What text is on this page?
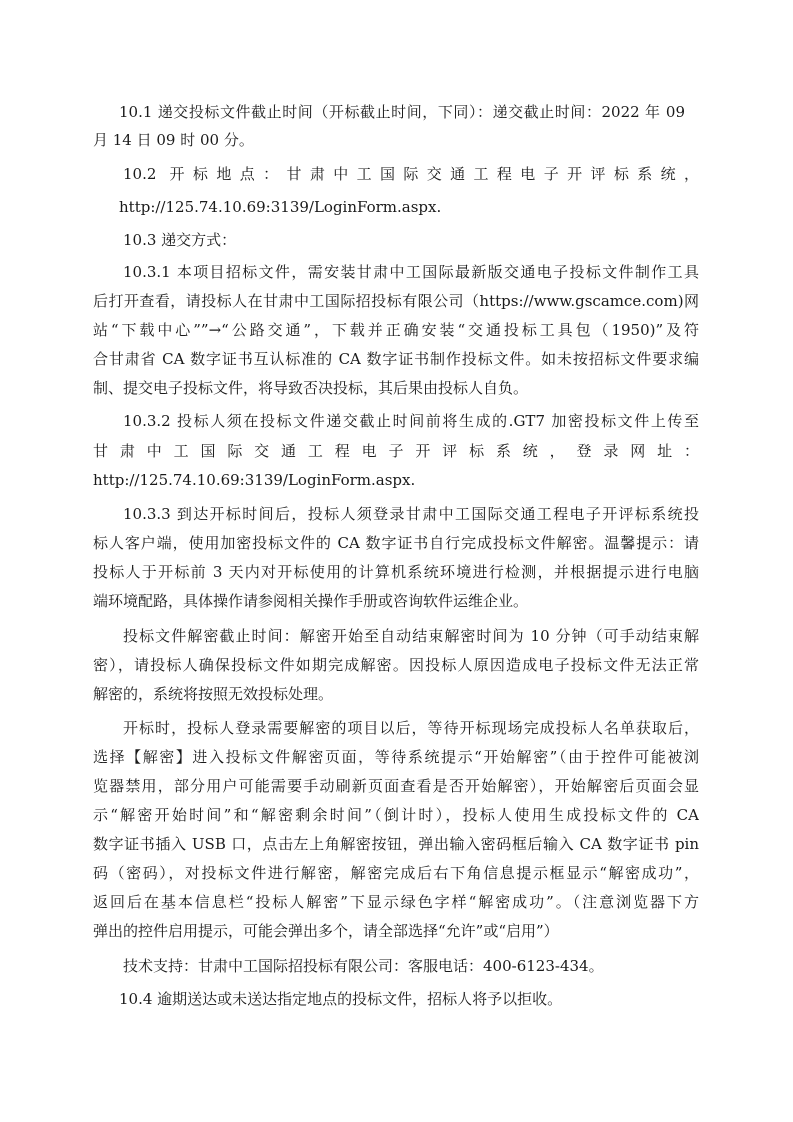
10.1 递交投标文件截止时间（开标截止时间，下同）：递交截止时间：2022 年 09
月 14 日 09 时 00 分。
10.2 开标地点：甘肃中工国际交通工程电子开评标系统，
http://125.74.10.69:3139/LoginForm.aspx.
10.3 递交方式：
10.3.1 本项目招标文件，需安装甘肃中工国际最新版交通电子投标文件制作工具
后打开查看，请投标人在甘肃中工国际招投标有限公司（https://www.gscamce.com)网
站“下载中心””→“公路交通”，下载并正确安装“交通投标工具包（1950)”及符
合甘肃省 CA 数字证书互认标准的 CA 数字证书制作投标文件。如未按招标文件要求编
制、提交电子投标文件，将导致否决投标，其后果由投标人自负。
10.3.2 投标人须在投标文件递交截止时间前将生成的.GT7 加密投标文件上传至
甘肃中工国际交通工程电子开评标系统，登录网址：
http://125.74.10.69:3139/LoginForm.aspx.
10.3.3 到达开标时间后，投标人须登录甘肃中工国际交通工程电子开评标系统投
标人客户端，使用加密投标文件的 CA 数字证书自行完成投标文件解密。温馨提示：请
投标人于开标前 3 天内对开标使用的计算机系统环境进行检测，并根据提示进行电脑
端环境配路，具体操作请参阅相关操作手册或咨询软件运维企业。
投标文件解密截止时间：解密开始至自动结束解密时间为 10 分钟（可手动结束解
密），请投标人确保投标文件如期完成解密。因投标人原因造成电子投标文件无法正常
解密的，系统将按照无效投标处理。
开标时，投标人登录需要解密的项目以后，等待开标现场完成投标人名单获取后，
选择【解密】进入投标文件解密页面，等待系统提示“开始解密”（由于控件可能被浏
览器禁用，部分用户可能需要手动刷新页面查看是否开始解密），开始解密后页面会显
示“解密开始时间”和“解密剩余时间”（倒计时），投标人使用生成投标文件的 CA
数字证书插入 USB 口，点击左上角解密按钮，弹出输入密码框后输入 CA 数字证书 pin
码（密码），对投标文件进行解密，解密完成后右下角信息提示框显示“解密成功”，
返回后在基本信息栏“投标人解密”下显示绿色字样“解密成功”。（注意浏览器下方
弹出的控件启用提示，可能会弹出多个，请全部选择“允许”或“启用”）
技术支持：甘肃中工国际招投标有限公司：客服电话：400-6123-434。
10.4 逾期送达或未送达指定地点的投标文件，招标人将予以拒收。
